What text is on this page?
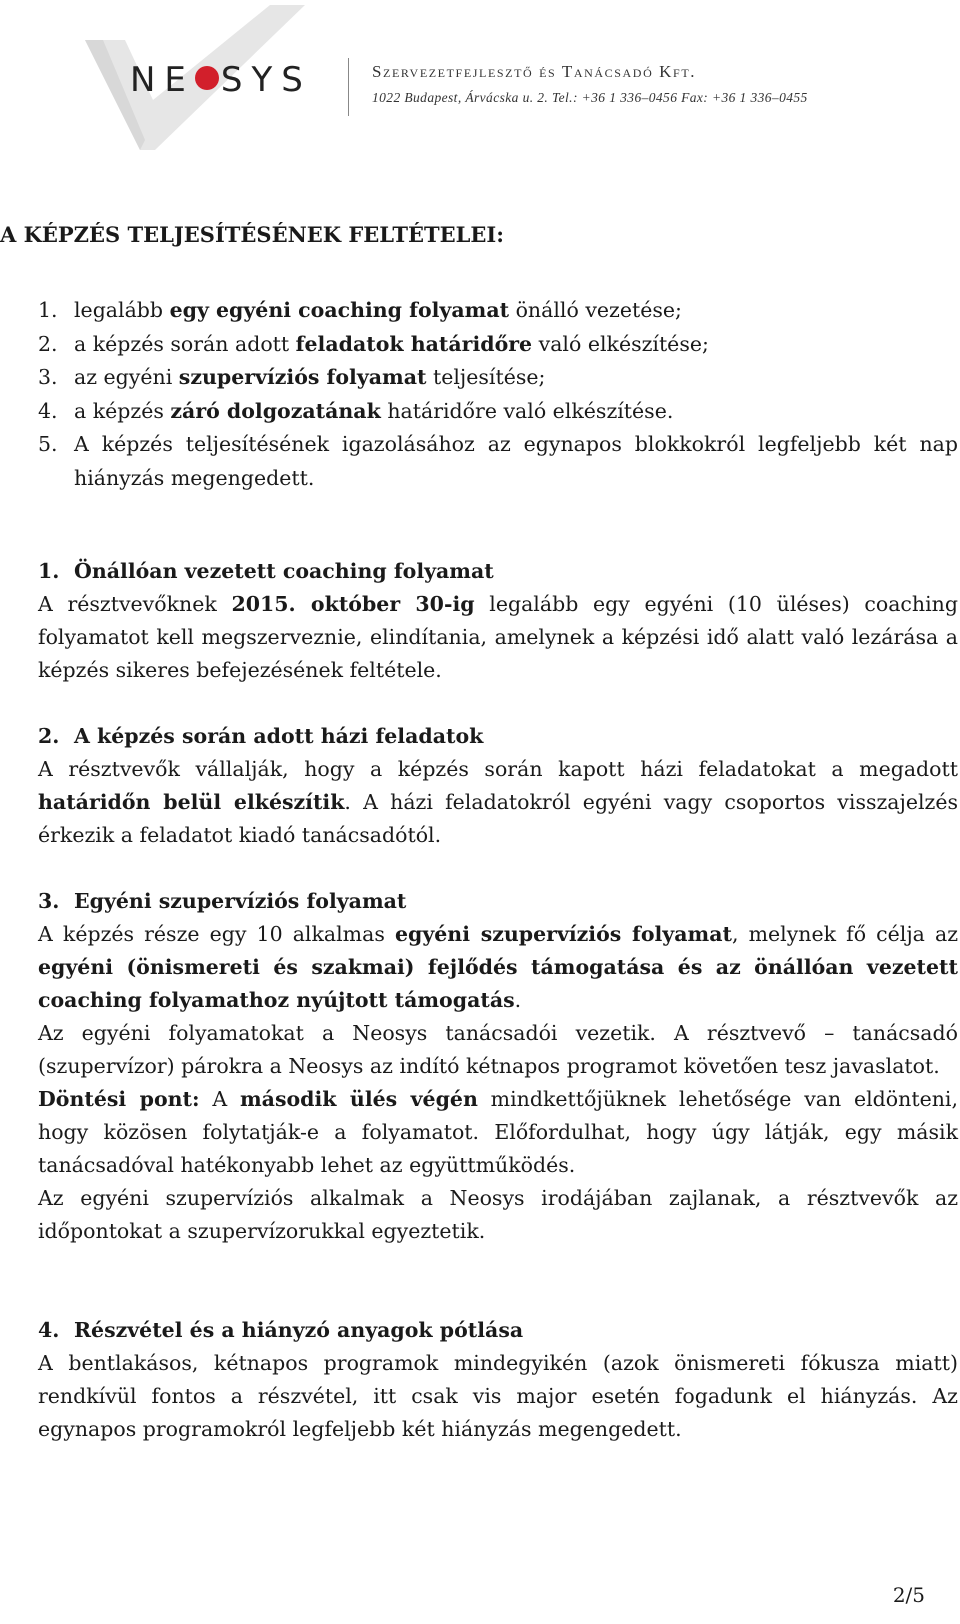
NE SYS	Szervezetfejlesztő és Tanácsadó Kft.
1022 Budapest, Árvácska u. 2. Tel.: +36 1 336–0456 Fax: +36 1 336–0455
A KÉPZÉS TELJESÍTÉSÉNEK FELTÉTELEI:
1. legalább egy egyéni coaching folyamat önálló vezetése;
2. a képzés során adott feladatok határidőre való elkészítése;
3. az egyéni szupervíziós folyamat teljesítése;
4. a képzés záró dolgozatának határidőre való elkészítése.
5. A képzés teljesítésének igazolásához az egynapos blokkokról legfeljebb két nap hiányzás megengedett.
1. Önállóan vezetett coaching folyamat

A résztvevőknek 2015. október 30-ig legalább egy egyéni (10 üléses) coaching folyamatot kell megszerveznie, elindítania, amelynek a képzési idő alatt való lezárása a képzés sikeres befejezésének feltétele.

2. A képzés során adott házi feladatok

A résztvevők vállalják, hogy a képzés során kapott házi feladatokat a megadott határidőn belül elkészítik. A házi feladatokról egyéni vagy csoportos visszajelzés érkezik a feladatot kiadó tanácsadótól.

3. Egyéni szupervíziós folyamat

A képzés része egy 10 alkalmas egyéni szupervíziós folyamat, melynek fő célja az egyéni (önismereti és szakmai) fejlődés támogatása és az önállóan vezetett coaching folyamathoz nyújtott támogatás.

Az egyéni folyamatokat a Neosys tanácsadói vezetik. A résztvevő – tanácsadó (szupervízor) párokra a Neosys az indító kétnapos programot követően tesz javaslatot.

Döntési pont: A második ülés végén mindkettőjüknek lehetősége van eldönteni, hogy közösen folytatják-e a folyamatot. Előfordulhat, hogy úgy látják, egy másik tanácsadóval hatékonyabb lehet az együttműködés.

Az egyéni szupervíziós alkalmak a Neosys irodájában zajlanak, a résztvevők az időpontokat a szupervízorukkal egyeztetik.

4. Részvétel és a hiányzó anyagok pótlása

A bentlakásos, kétnapos programok mindegyikén (azok önismereti fókusza miatt) rendkívül fontos a részvétel, itt csak vis major esetén fogadunk el hiányzás. Az egynapos programokról legfeljebb két hiányzás megengedett.

2/5
